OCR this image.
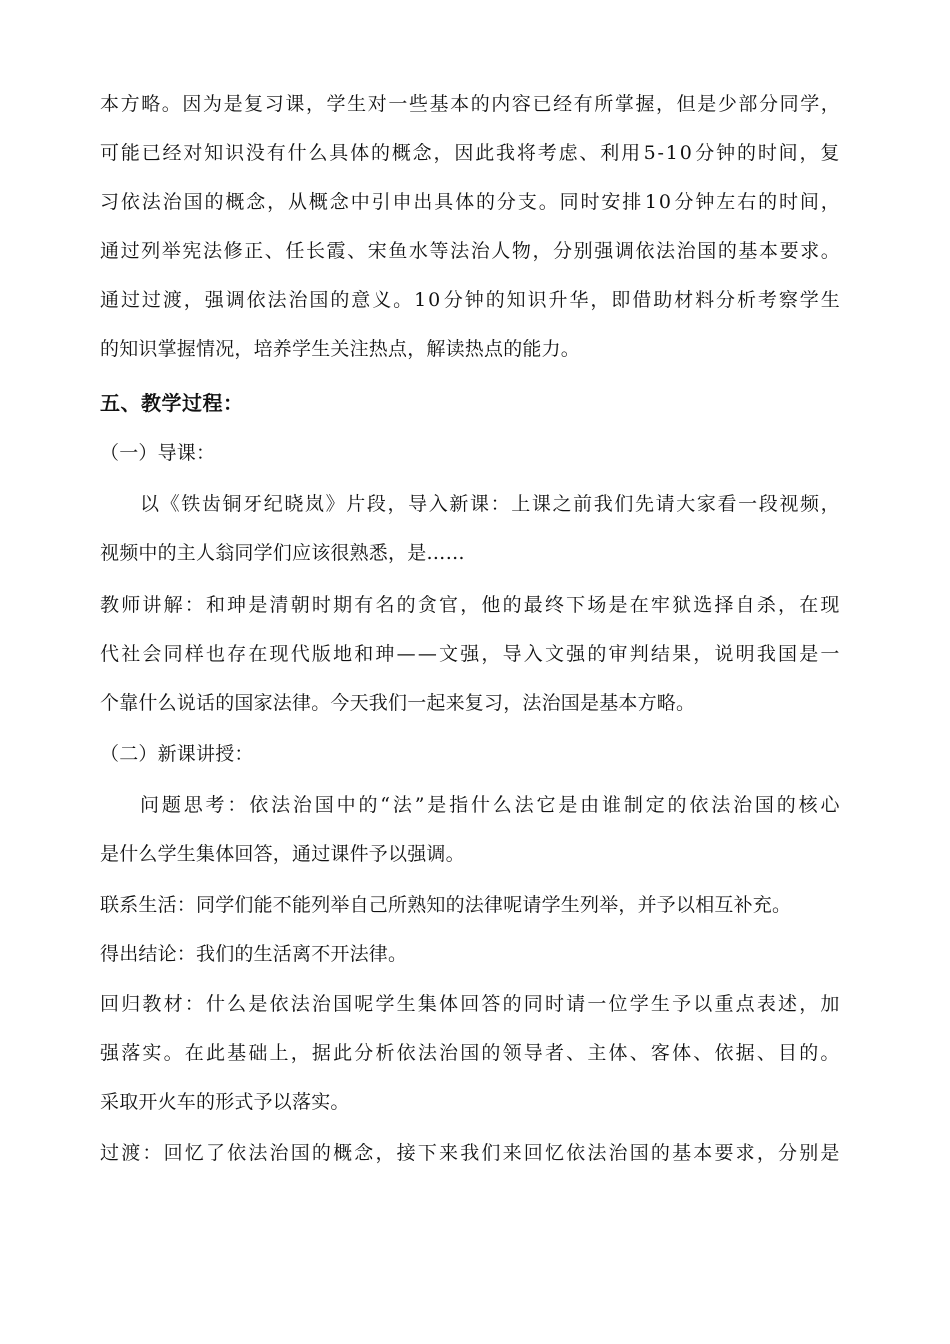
本 方 略 。 因 为 是 复 习 课 ， 学 生 对 一 些 基 本 的 内 容 已 经 有 所 掌 握 ， 但 是 少 部 分 同 学 ，
可 能 已 经 对 知 识 没 有 什 么 具 体 的 概 念 ， 因 此 我 将 考 虑 、 利 用 5 - 1 0 分 钟 的 时 间 ， 复
习 依 法 治 国 的 概 念 ， 从 概 念 中 引 申 出 具 体 的 分 支 。 同 时 安 排 1 0 分 钟 左 右 的 时 间 ，
通 过 列 举 宪 法 修 正 、 任 长 霞 、 宋 鱼 水 等 法 治 人 物 ， 分 别 强 调 依 法 治 国 的 基 本 要 求 。
通 过 过 渡 ， 强 调 依 法 治 国 的 意 义 。 1 0 分 钟 的 知 识 升 华 ， 即 借 助 材 料 分 析 考 察 学 生
的知识掌握情况，培养学生关注热点，解读热点的能力。
五、教学过程：
（一）导课：
以 《 铁 齿 铜 牙 纪 晓 岚 》 片 段 ， 导 入 新 课 ： 上 课 之 前 我 们 先 请 大 家 看 一 段 视 频 ，
视频中的主人翁同学们应该很熟悉，是……
教 师 讲 解 ： 和 珅 是 清 朝 时 期 有 名 的 贪 官 ， 他 的 最 终 下 场 是 在 牢 狱 选 择 自 杀 ， 在 现
代 社 会 同 样 也 存 在 现 代 版 地 和 珅 — — 文 强 ， 导 入 文 强 的 审 判 结 果 ， 说 明 我 国 是 一
个靠什么说话的国家法律。今天我们一起来复习，法治国是基本方略。
（二）新课讲授：
问 题 思 考 ： 依 法 治 国 中 的 “ 法 ” 是 指 什 么 法 它 是 由 谁 制 定 的 依 法 治 国 的 核 心
是什么学生集体回答，通过课件予以强调。
联系生活：同学们能不能列举自己所熟知的法律呢请学生列举，并予以相互补充。
得出结论：我们的生活离不开法律。
回 归 教 材 ： 什 么 是 依 法 治 国 呢 学 生 集 体 回 答 的 同 时 请 一 位 学 生 予 以 重 点 表 述 ， 加
强 落 实 。 在 此 基 础 上 ， 据 此 分 析 依 法 治 国 的 领 导 者 、 主 体 、 客 体 、 依 据 、 目 的 。
采取开火车的形式予以落实。
过 渡 ： 回 忆 了 依 法 治 国 的 概 念 ， 接 下 来 我 们 来 回 忆 依 法 治 国 的 基 本 要 求 ， 分 别 是
